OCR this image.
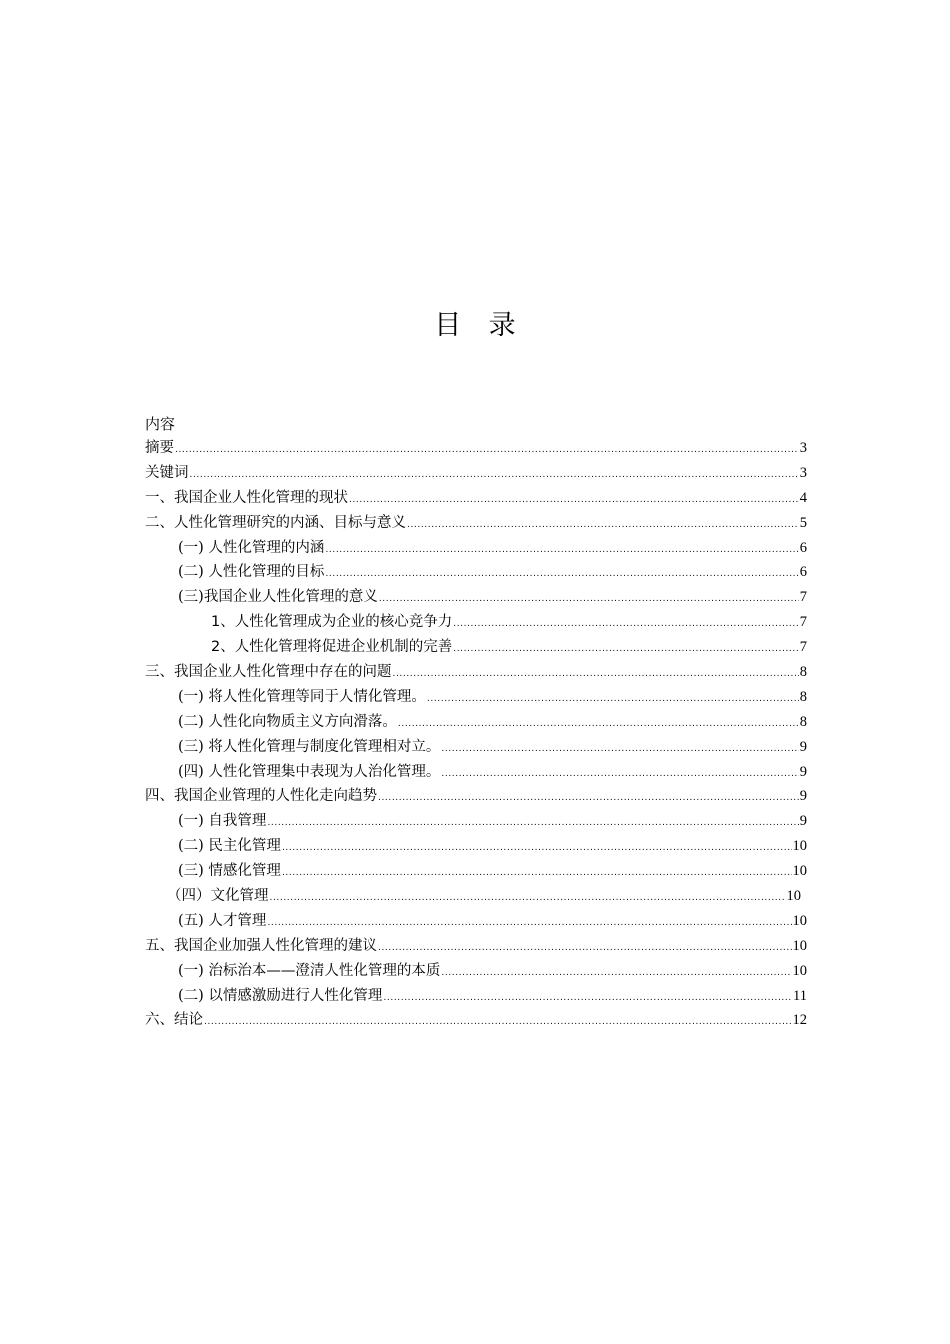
目　录
内容
摘要 .....	3
关键词 .....	3
一、我国企业人性化管理的现状 .....	4
二、人性化管理研究的内涵、目标与意义 .....	5
(一) 人性化管理的内涵 .....	6
(二) 人性化管理的目标 .....	6
(三)我国企业人性化管理的意义 .....	7
1、人性化管理成为企业的核心竞争力 .....	7
2、人性化管理将促进企业机制的完善 .....	7
三、我国企业人性化管理中存在的问题 .....	8
(一) 将人性化管理等同于人情化管理。 .....	8
(二) 人性化向物质主义方向滑落。 .....	8
(三) 将人性化管理与制度化管理相对立。 .....	9
(四) 人性化管理集中表现为人治化管理。 .....	9
四、我国企业管理的人性化走向趋势 .....	9
(一) 自我管理 .....	9
(二) 民主化管理 .....	10
(三) 情感化管理 .....	10
（四）文化管理 .....	10
(五) 人才管理 .....	10
五、我国企业加强人性化管理的建议 .....	10
(一) 治标治本——澄清人性化管理的本质 .....	10
(二) 以情感激励进行人性化管理 .....	11
六、结论 .....	12
